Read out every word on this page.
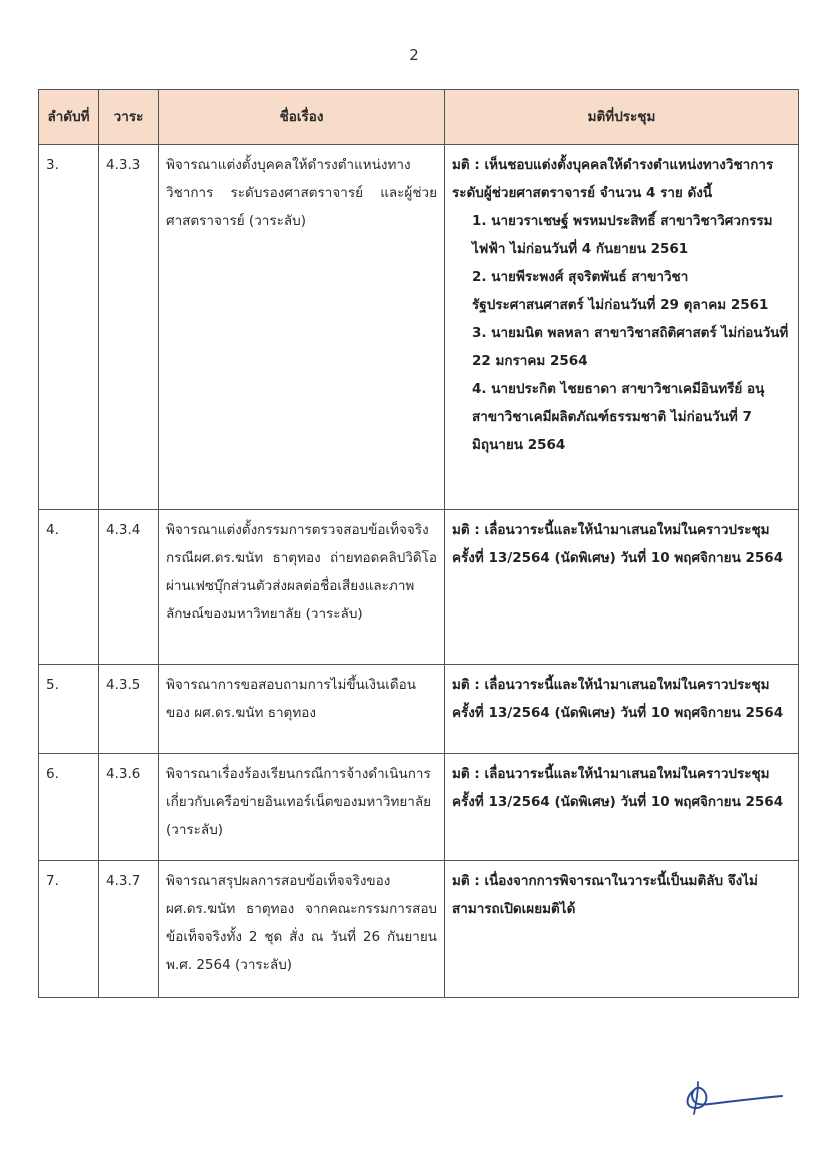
2
ลำดับที่	วาระ	ชื่อเรื่อง	มติที่ประชุม
3.	4.3.3	พิจารณาแต่งตั้งบุคคลให้ดำรงตำแหน่งทางวิชาการ ระดับรองศาสตราจารย์ และผู้ช่วยศาสตราจารย์ (วาระลับ)	มติ : เห็นชอบแต่งตั้งบุคคลให้ดำรงตำแหน่งทางวิชาการระดับผู้ช่วยศาสตราจารย์ จำนวน 4 ราย ดังนี้
1. นายวราเชษฐ์ พรหมประสิทธิ์ สาขาวิชาวิศวกรรมไฟฟ้า ไม่ก่อนวันที่ 4 กันยายน 2561
2. นายพีระพงศ์ สุจริตพันธ์ สาขาวิชารัฐประศาสนศาสตร์ ไม่ก่อนวันที่ 29 ตุลาคม 2561
3. นายมนิต พลหลา สาขาวิชาสถิติศาสตร์ ไม่ก่อนวันที่ 22 มกราคม 2564
4. นายประกิต ไชยธาดา สาขาวิชาเคมีอินทรีย์ อนุสาขาวิชาเคมีผลิตภัณฑ์ธรรมชาติ ไม่ก่อนวันที่ 7 มิถุนายน 2564

4.	4.3.4	พิจารณาแต่งตั้งกรรมการตรวจสอบข้อเท็จจริงกรณีผศ.ดร.ฆนัท ธาตุทอง ถ่ายทอดคลิปวิดิโอผ่านเฟซบุ๊กส่วนตัวส่งผลต่อชื่อเสียงและภาพลักษณ์ของมหาวิทยาลัย (วาระลับ)	มติ : เลื่อนวาระนี้และให้นำมาเสนอใหม่ในคราวประชุมครั้งที่ 13/2564 (นัดพิเศษ) วันที่ 10 พฤศจิกายน 2564
5.	4.3.5	พิจารณาการขอสอบถามการไม่ขึ้นเงินเดือนของ ผศ.ดร.ฆนัท ธาตุทอง	มติ : เลื่อนวาระนี้และให้นำมาเสนอใหม่ในคราวประชุมครั้งที่ 13/2564 (นัดพิเศษ) วันที่ 10 พฤศจิกายน 2564
6.	4.3.6	พิจารณาเรื่องร้องเรียนกรณีการจ้างดำเนินการเกี่ยวกับเครือข่ายอินเทอร์เน็ตของมหาวิทยาลัย (วาระลับ)	มติ : เลื่อนวาระนี้และให้นำมาเสนอใหม่ในคราวประชุมครั้งที่ 13/2564 (นัดพิเศษ) วันที่ 10 พฤศจิกายน 2564
7.	4.3.7	พิจารณาสรุปผลการสอบข้อเท็จจริงของ ผศ.ดร.ฆนัท ธาตุทอง จากคณะกรรมการสอบข้อเท็จจริงทั้ง 2 ชุด สั่ง ณ วันที่ 26 กันยายน พ.ศ. 2564 (วาระลับ)	มติ : เนื่องจากการพิจารณาในวาระนี้เป็นมติลับ จึงไม่สามารถเปิดเผยมติได้
